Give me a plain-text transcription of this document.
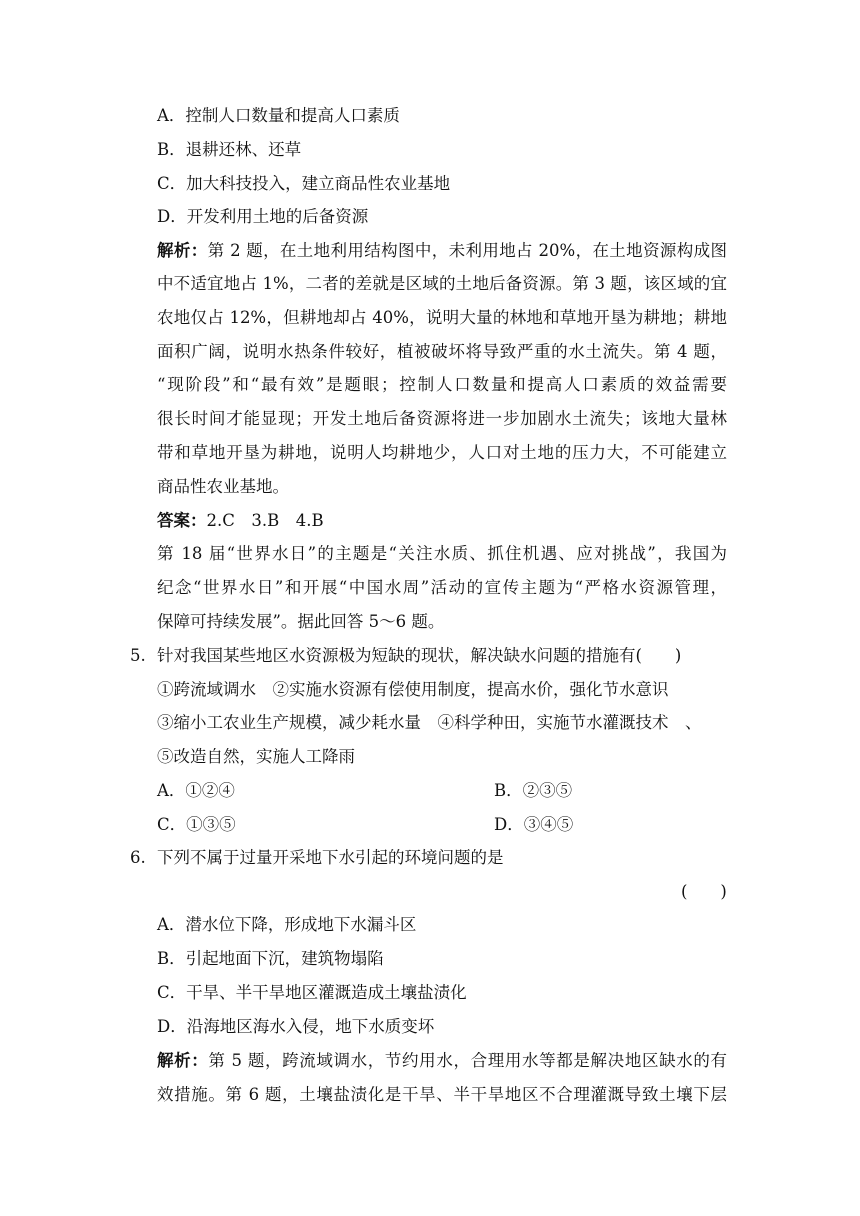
A．控制人口数量和提高人口素质
B．退耕还林、还草
C．加大科技投入，建立商品性农业基地
D．开发利用土地的后备资源
解析：第 2 题，在土地利用结构图中，未利用地占 20%，在土地资源构成图
中不适宜地占 1%，二者的差就是区域的土地后备资源。第 3 题，该区域的宜
农地仅占 12%，但耕地却占 40%，说明大量的林地和草地开垦为耕地；耕地
面积广阔，说明水热条件较好，植被破坏将导致严重的水土流失。第 4 题，
“现阶段”和“最有效”是题眼；控制人口数量和提高人口素质的效益需要
很长时间才能显现；开发土地后备资源将进一步加剧水土流失；该地大量林
带和草地开垦为耕地，说明人均耕地少，人口对土地的压力大，不可能建立
商品性农业基地。
答案：2.C　3.B　4.B
第 18 届“世界水日”的主题是“关注水质、抓住机遇、应对挑战”，我国为
纪念“世界水日”和开展“中国水周”活动的宣传主题为“严格水资源管理，
保障可持续发展”。据此回答 5～6 题。
5. 针对我国某些地区水资源极为短缺的现状，解决缺水问题的措施有(　　)
①跨流域调水　②实施水资源有偿使用制度，提高水价，强化节水意识
③缩小工农业生产规模，减少耗水量　④科学种田，实施节水灌溉技术　、
⑤改造自然，实施人工降雨
A．①②④	B．②③⑤
C．①③⑤	D．③④⑤
6. 下列不属于过量开采地下水引起的环境问题的是
(　　)
A．潜水位下降，形成地下水漏斗区
B．引起地面下沉，建筑物塌陷
C．干旱、半干旱地区灌溉造成土壤盐渍化
D．沿海地区海水入侵，地下水质变坏
解析：第 5 题，跨流域调水，节约用水，合理用水等都是解决地区缺水的有
效措施。第 6 题，土壤盐渍化是干旱、半干旱地区不合理灌溉导致土壤下层
